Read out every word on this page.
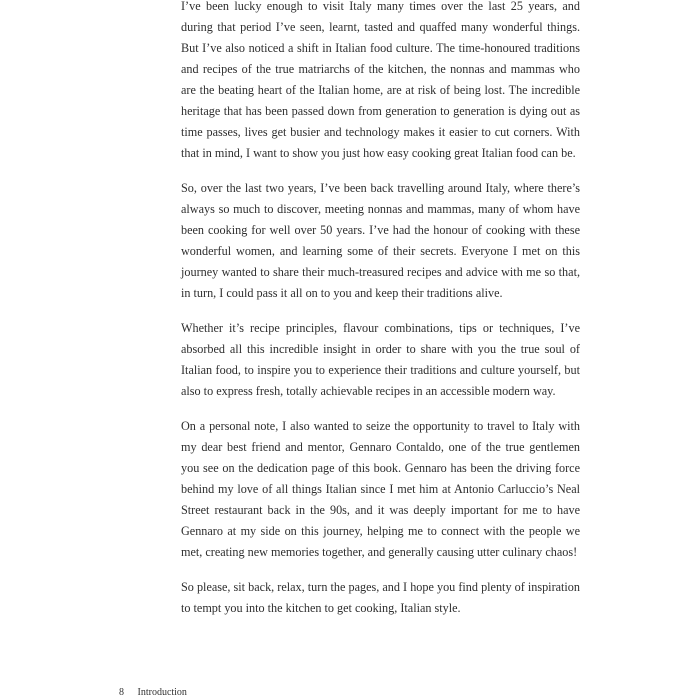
I’ve been lucky enough to visit Italy many times over the last 25 years, and during that period I’ve seen, learnt, tasted and quaffed many wonderful things. But I’ve also noticed a shift in Italian food culture. The time-honoured traditions and recipes of the true matriarchs of the kitchen, the nonnas and mammas who are the beating heart of the Italian home, are at risk of being lost. The incredible heritage that has been passed down from generation to generation is dying out as time passes, lives get busier and technology makes it easier to cut corners. With that in mind, I want to show you just how easy cooking great Italian food can be.

So, over the last two years, I’ve been back travelling around Italy, where there’s always so much to discover, meeting nonnas and mammas, many of whom have been cooking for well over 50 years. I’ve had the honour of cooking with these wonderful women, and learning some of their secrets. Everyone I met on this journey wanted to share their much-treasured recipes and advice with me so that, in turn, I could pass it all on to you and keep their traditions alive.

Whether it’s recipe principles, flavour combinations, tips or techniques, I’ve absorbed all this incredible insight in order to share with you the true soul of Italian food, to inspire you to experience their traditions and culture yourself, but also to express fresh, totally achievable recipes in an accessible modern way.

On a personal note, I also wanted to seize the opportunity to travel to Italy with my dear best friend and mentor, Gennaro Contaldo, one of the true gentlemen you see on the dedication page of this book. Gennaro has been the driving force behind my love of all things Italian since I met him at Antonio Carluccio’s Neal Street restaurant back in the 90s, and it was deeply important for me to have Gennaro at my side on this journey, helping me to connect with the people we met, creating new memories together, and generally causing utter culinary chaos!

So please, sit back, relax, turn the pages, and I hope you find plenty of inspiration to tempt you into the kitchen to get cooking, Italian style.

8 Introduction
